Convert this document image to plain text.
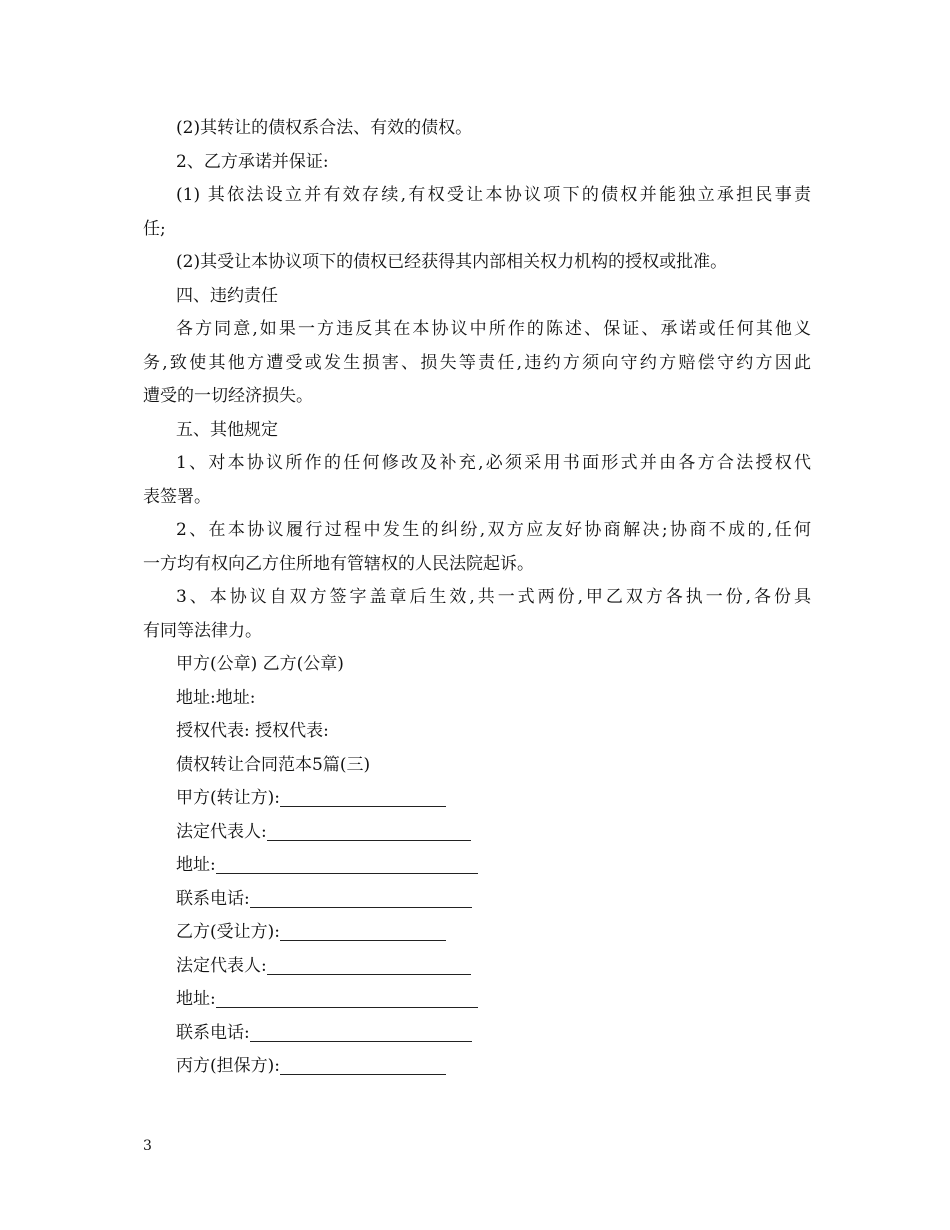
(2)其转让的债权系合法、有效的债权。
2、乙方承诺并保证:
(1) 其依法设立并有效存续,有权受让本协议项下的债权并能独立承担民事责
任;
(2)其受让本协议项下的债权已经获得其内部相关权力机构的授权或批准。
四、违约责任
各方同意,如果一方违反其在本协议中所作的陈述、保证、承诺或任何其他义
务,致使其他方遭受或发生损害、损失等责任,违约方须向守约方赔偿守约方因此
遭受的一切经济损失。
五、其他规定
1、对本协议所作的任何修改及补充,必须采用书面形式并由各方合法授权代
表签署。
2、在本协议履行过程中发生的纠纷,双方应友好协商解决;协商不成的,任何
一方均有权向乙方住所地有管辖权的人民法院起诉。
3、本协议自双方签字盖章后生效,共一式两份,甲乙双方各执一份,各份具
有同等法律力。
甲方(公章) 乙方(公章)
地址:地址:
授权代表: 授权代表:
债权转让合同范本5篇(三)
甲方(转让方):
法定代表人:
地址:
联系电话:
乙方(受让方):
法定代表人:
地址:
联系电话:
丙方(担保方):
3
